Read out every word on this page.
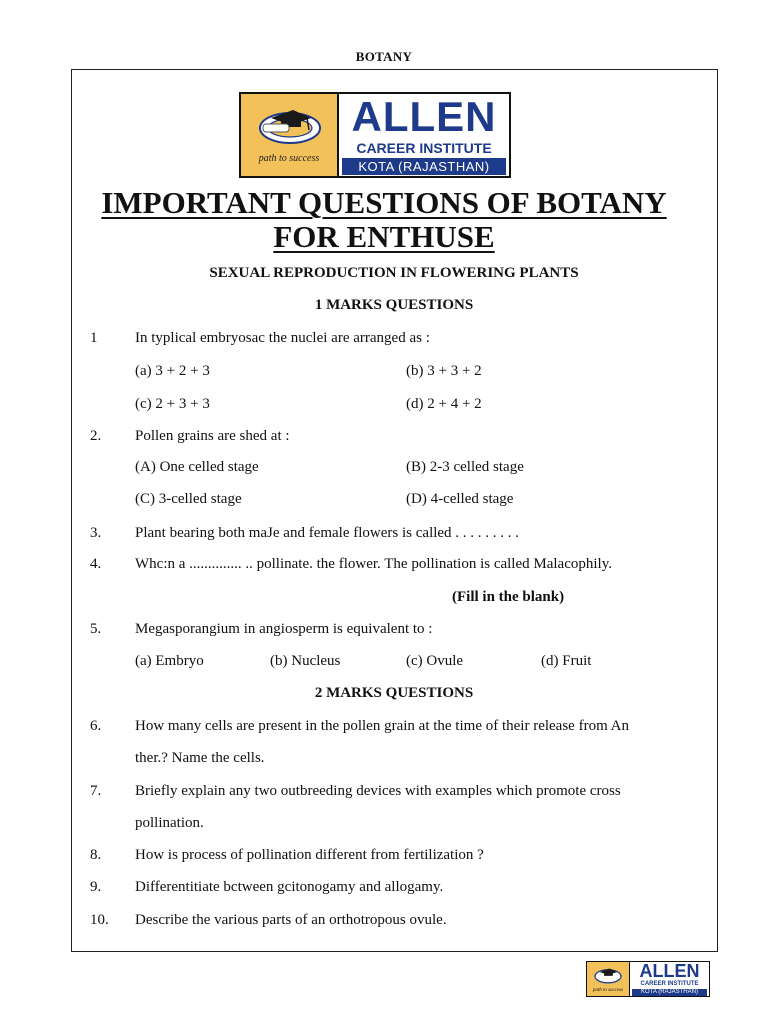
BOTANY
path to success
ALLEN
CAREER INSTITUTE
KOTA (RAJASTHAN)
IMPORTANT QUESTIONS OF BOTANY
FOR ENTHUSE
SEXUAL REPRODUCTION IN FLOWERING PLANTS
1 MARKS QUESTIONS
1	In typlical embryosac the nuclei are arranged as :
(a) 3 + 2 + 3	(b) 3 + 3 + 2
(c) 2 + 3 + 3	(d) 2 + 4 + 2
2. Pollen grains are shed at :
(A) One celled stage	(B) 2-3 celled stage
(C) 3-celled stage	(D) 4-celled stage
3. Plant bearing both maJe and female flowers is called . . . . . . . . .
4. Whc:n a .............. .. pollinate. the flower. The pollination is called Malacophily.
(Fill in the blank)
5. Megasporangium in angiosperm is equivalent to :
(a) Embryo	(b) Nucleus	(c) Ovule	(d) Fruit
2 MARKS QUESTIONS
6. How many cells are present in the pollen grain at the time of their release from An
ther.? Name the cells.
7. Briefly explain any two outbreeding devices with examples which promote cross
pollination.
8. How is process of pollination different from fertilization ?
9. Differentitiate bctween gcitonogamy and allogamy.
10. Describe the various parts of an orthotropous ovule.
path to success
ALLEN
CAREER INSTITUTE
KOTA (RAJASTHAN)
